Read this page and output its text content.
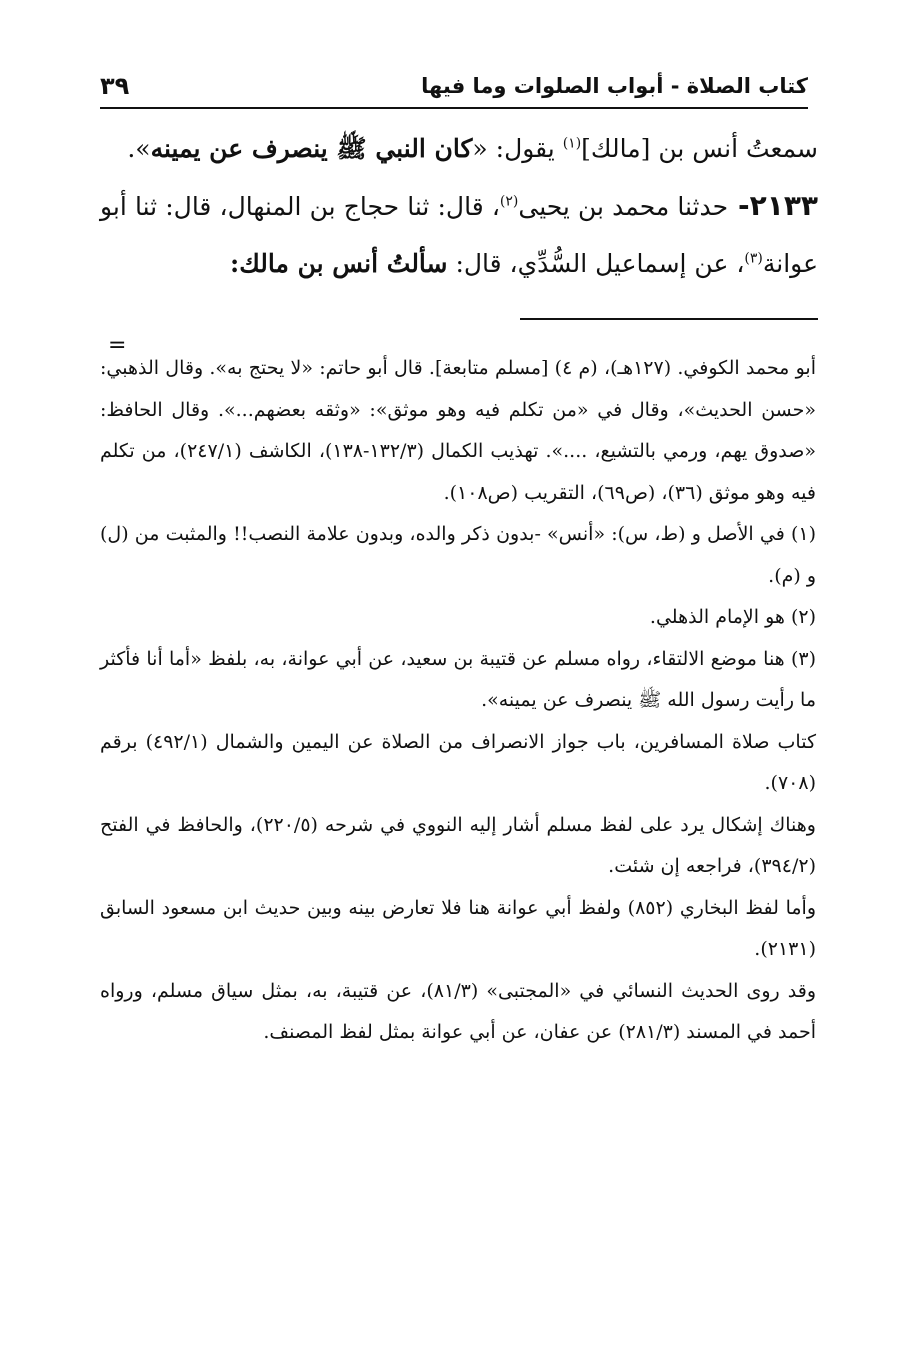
كتاب الصلاة - أبواب الصلوات وما فيها
٣٩

سمعتُ أنس بن [مالك]$^{(١)}$ يقول: «كان النبي ﷺ ينصرف عن يمينه».

٢١٣٣- حدثنا محمد بن يحيى$^{(٢)}$، قال: ثنا حجاج بن المنهال، قال: ثنا أبو عوانة$^{(٣)}$، عن إسماعيل السُّدِّي، قال: سألتُ أنس بن مالك:

=

أبو محمد الكوفي. (١٢٧هـ)، (م ٤) [مسلم متابعة]. قال أبو حاتم: «لا يحتج به». وقال الذهبي: «حسن الحديث»، وقال في «من تكلم فيه وهو موثق»: «وثقه بعضهم...». وقال الحافظ: «صدوق يهم، ورمي بالتشيع، ....». تهذيب الكمال (١٣٢/٣-١٣٨)، الكاشف (٢٤٧/١)، من تكلم فيه وهو موثق (٣٦)، (ص٦٩)، التقريب (ص١٠٨).

(١) في الأصل و (ط، س): «أنس» -بدون ذكر والده، وبدون علامة النصب!! والمثبت من (ل) و (م).

(٢) هو الإمام الذهلي.

(٣) هنا موضع الالتقاء، رواه مسلم عن قتيبة بن سعيد، عن أبي عوانة، به، بلفظ «أما أنا فأكثر ما رأيت رسول الله ﷺ ينصرف عن يمينه».

كتاب صلاة المسافرين، باب جواز الانصراف من الصلاة عن اليمين والشمال (٤٩٢/١) برقم (٧٠٨).

وهناك إشكال يرد على لفظ مسلم أشار إليه النووي في شرحه (٢٢٠/٥)، والحافظ في الفتح (٣٩٤/٢)، فراجعه إن شئت.

وأما لفظ البخاري (٨٥٢) ولفظ أبي عوانة هنا فلا تعارض بينه وبين حديث ابن مسعود السابق (٢١٣١).

وقد روى الحديث النسائي في «المجتبى» (٨١/٣)، عن قتيبة، به، بمثل سياق مسلم، ورواه أحمد في المسند (٢٨١/٣) عن عفان، عن أبي عوانة بمثل لفظ المصنف.
